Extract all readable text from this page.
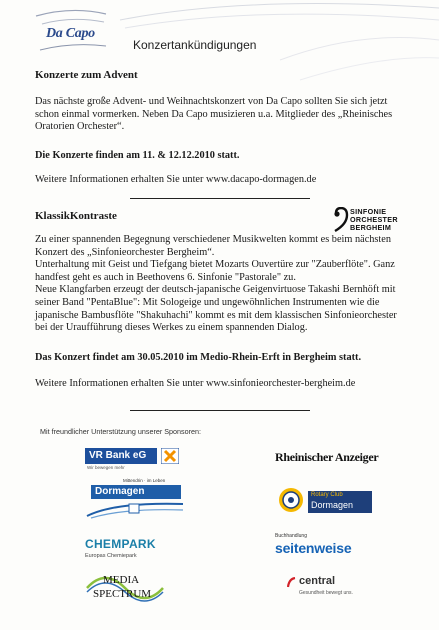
Da Capo
Konzertankündigungen
Konzerte zum Advent
Das nächste große Advent- und Weihnachtskonzert von Da Capo sollten Sie sich jetzt schon einmal vormerken. Neben Da Capo musizieren u.a. Mitglieder des „Rheinisches Oratorien Orchester“.
Die Konzerte finden am 11. & 12.12.2010 statt.
Weitere Informationen erhalten Sie unter www.dacapo-dormagen.de
KlassikKontraste	SINFONIE
ORCHESTER
BERGHEIM
Zu einer spannenden Begegnung verschiedener Musikwelten kommt es beim nächsten Konzert des „Sinfonieorchester Bergheim“.
Unterhaltung mit Geist und Tiefgang bietet Mozarts Ouvertüre zur "Zauberflöte". Ganz handfest geht es auch in Beethovens 6. Sinfonie "Pastorale" zu.
Neue Klangfarben erzeugt der deutsch-japanische Geigenvirtuose Takashi Bernhöft mit seiner Band "PentaBlue": Mit Sologeige und ungewöhnlichen Instrumenten wie die japanische Bambusflöte "Shakuhachi" kommt es mit dem klassischen Sinfonieorchester bei der Uraufführung dieses Werkes zu einem spannenden Dialog.
Das Konzert findet am 30.05.2010 im Medio-Rhein-Erft in Bergheim statt.
Weitere Informationen erhalten Sie unter www.sinfonieorchester-bergheim.de
Mit freundlicher Unterstützung unserer Sponsoren:
VR Bank eG
Wir bewegen mehr
Rheinischer Anzeiger
Mittendrin · im Leben
Dormagen	Rotary Club
Dormagen
CHEMPARK
Europas Chemiepark
Buchhandlung
seitenweise
MEDIA
SPECTRUM
central
Gesundheit bewegt uns.
